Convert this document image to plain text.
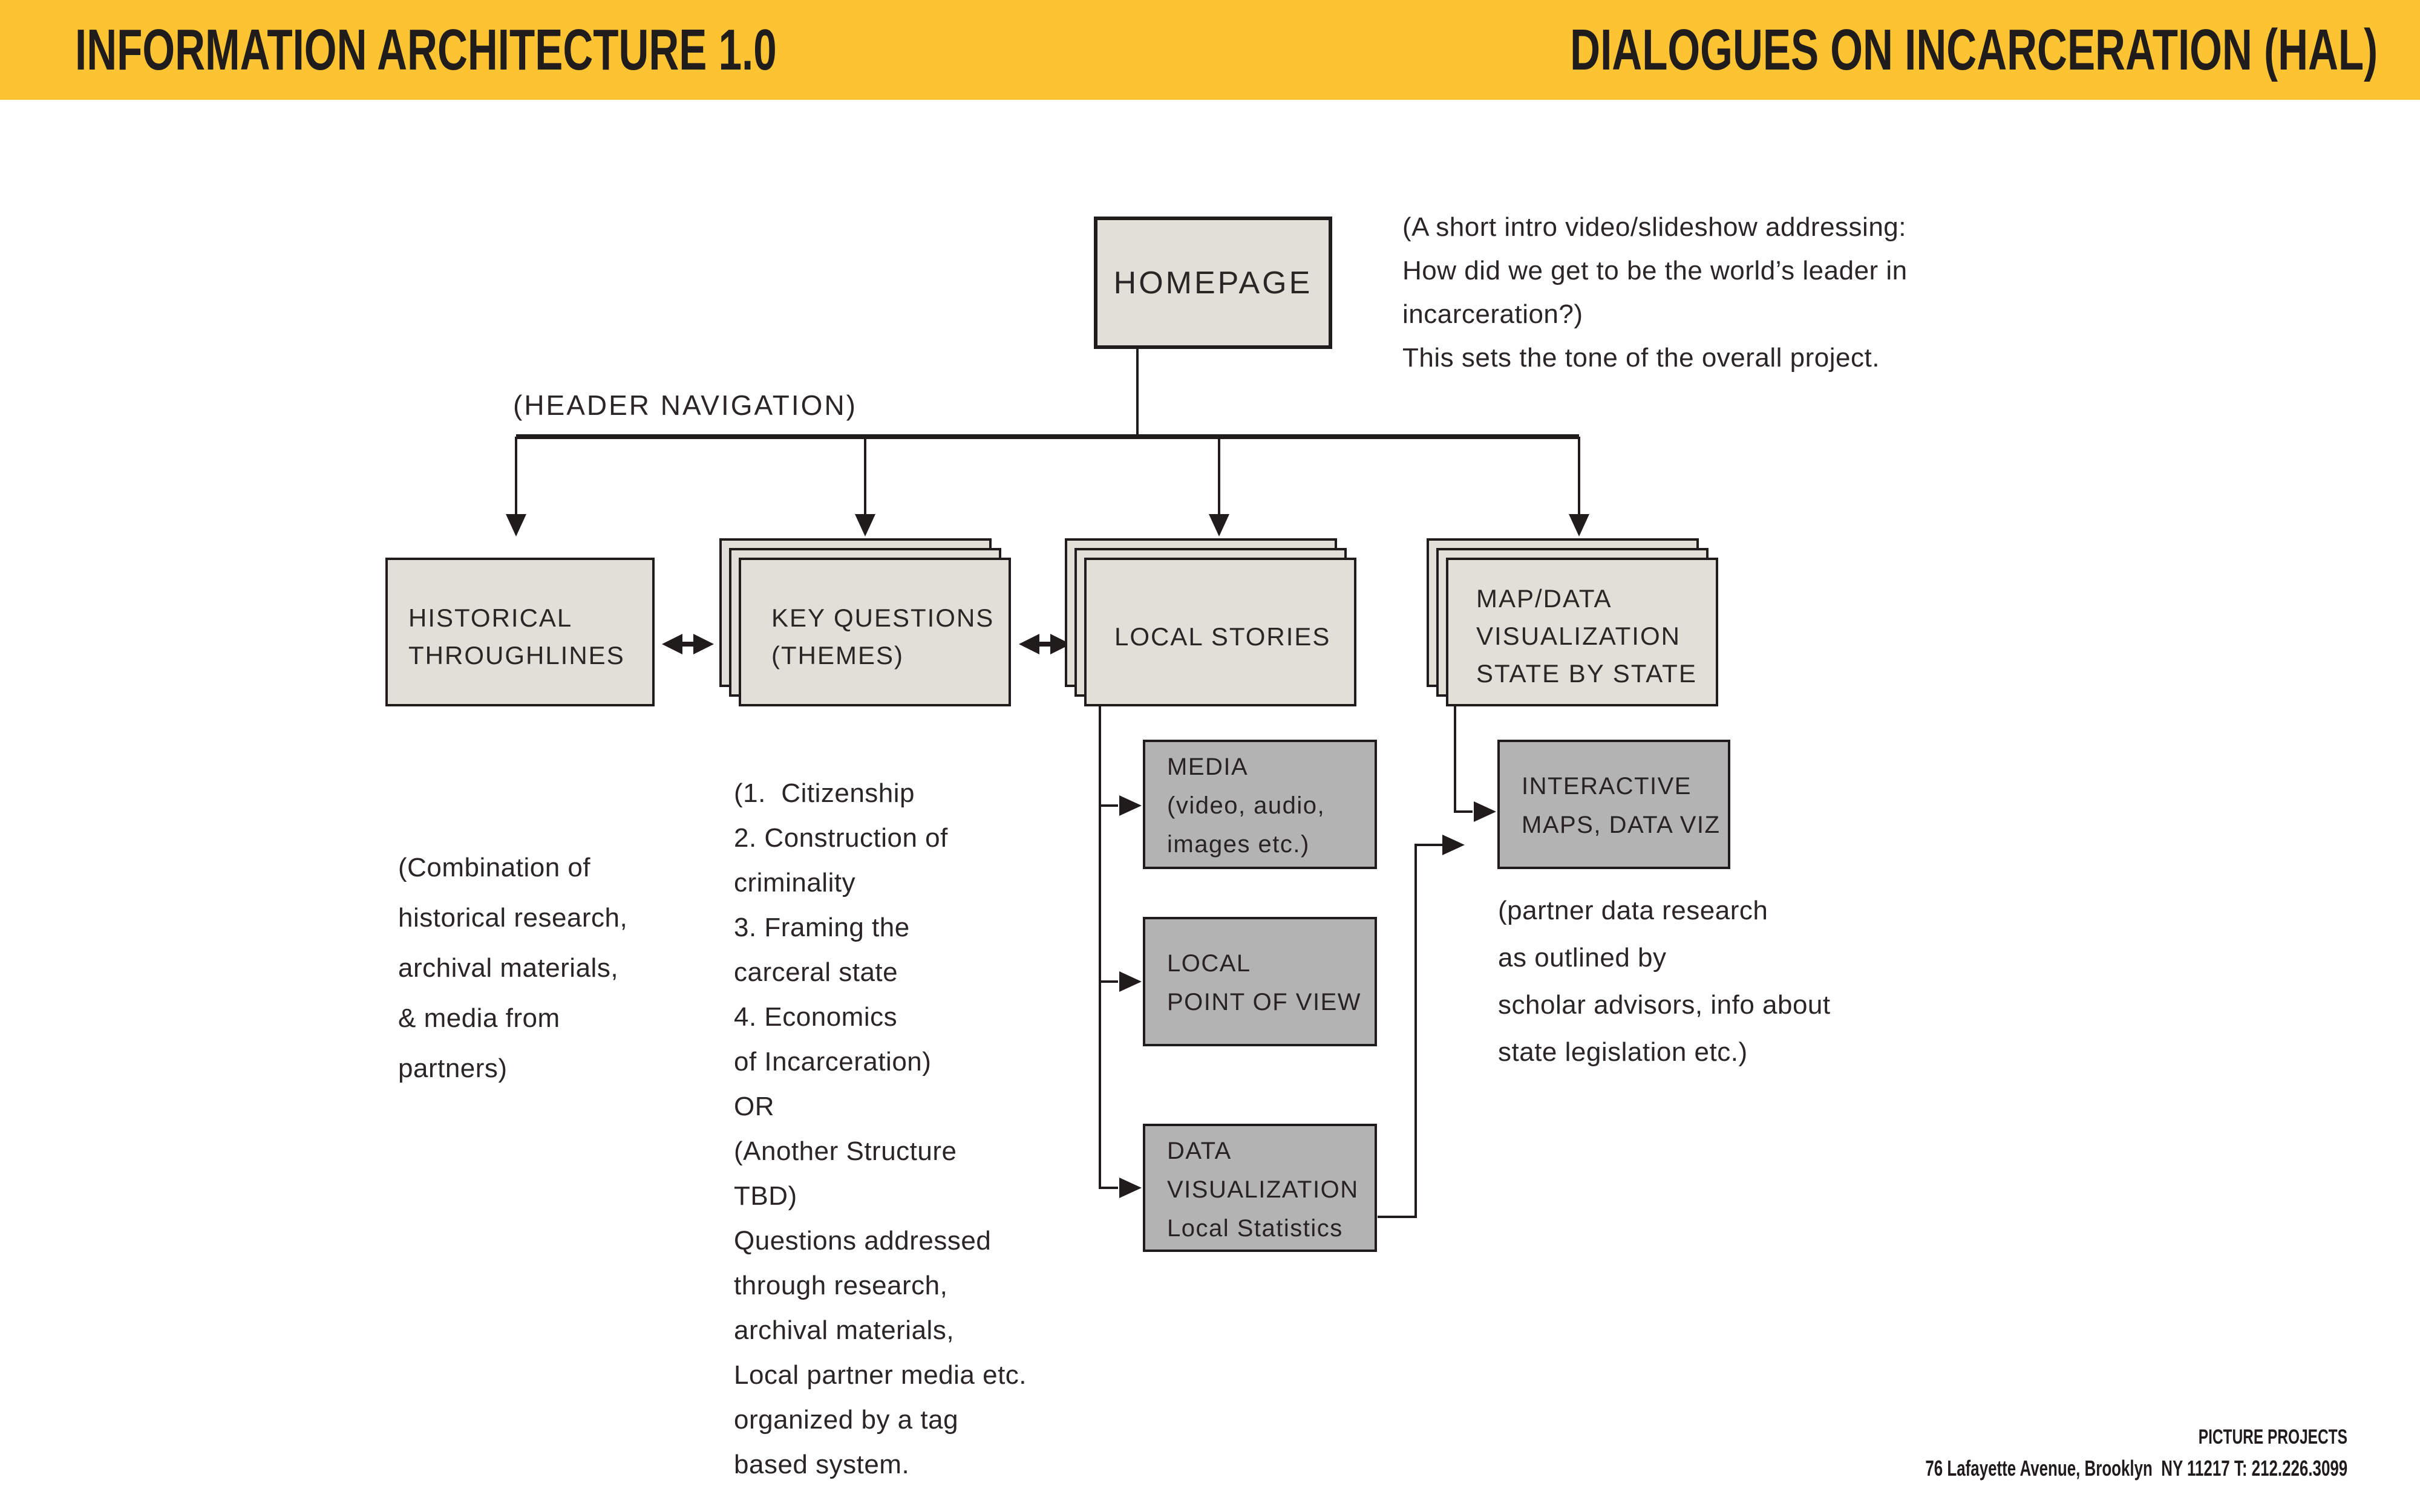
INFORMATION ARCHITECTURE 1.0	DIALOGUES ON INCARCERATION (HAL)
HOMEPAGE
(A short intro video/slideshow addressing:
How did we get to be the world’s leader in
incarceration?)
This sets the tone of the overall project.
(HEADER NAVIGATION)
HISTORICAL
THROUGHLINES
(Combination of
historical research,
archival materials,
& media from
partners)
KEY QUESTIONS
(THEMES)
(1.  Citizenship
2. Construction of
criminality
3. Framing the
carceral state
4. Economics
of Incarceration)
OR
(Another Structure
TBD)
Questions addressed
through research,
archival materials,
Local partner media etc.
organized by a tag
based system.
LOCAL STORIES
MAP/DATA
VISUALIZATION
STATE BY STATE
MEDIA
(video, audio,
images etc.)
LOCAL
POINT OF VIEW
DATA
VISUALIZATION
Local Statistics
INTERACTIVE
MAPS, DATA VIZ
(partner data research
as outlined by
scholar advisors, info about
state legislation etc.)
PICTURE PROJECTS
76 Lafayette Avenue, Brooklyn  NY 11217 T: 212.226.3099
